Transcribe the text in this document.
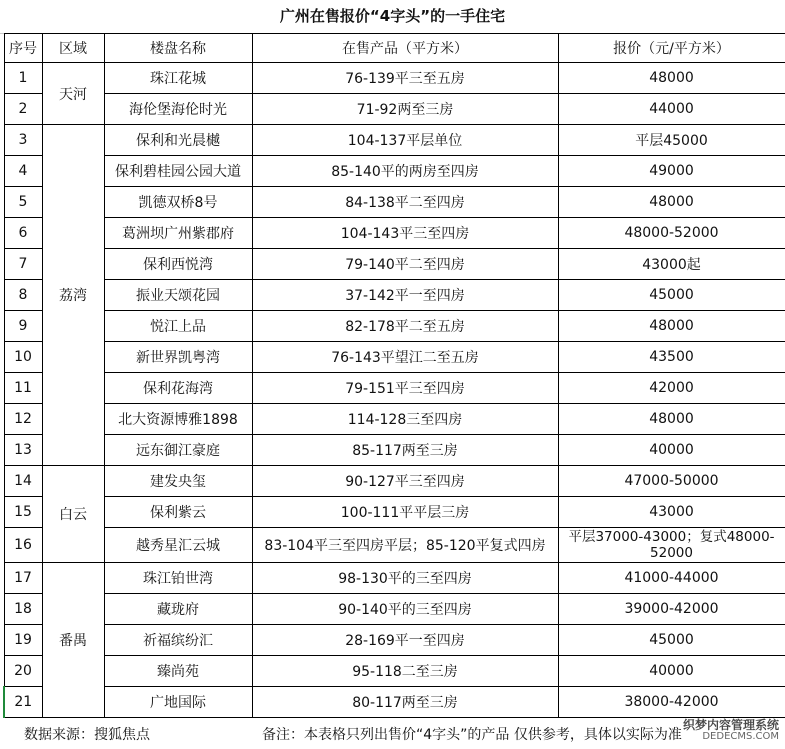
广州在售报价“4字头”的一手住宅
序号	区域	楼盘名称	在售产品（平方米）	报价（元/平方米）
1	天河	珠江花城	76-139平三至五房	48000
2		海伦堡海伦时光	71-92两至三房	44000
3	荔湾	保利和光晨樾	104-137平层单位	平层45000
4		保利碧桂园公园大道	85-140平的两房至四房	49000
5		凯德双桥8号	84-138平二至四房	48000
6		葛洲坝广州紫郡府	104-143平三至四房	48000-52000
7		保利西悦湾	79-140平二至四房	43000起
8		振业天颂花园	37-142平一至四房	45000
9		悦江上品	82-178平二至五房	48000
10		新世界凯粤湾	76-143平望江二至五房	43500
11		保利花海湾	79-151平三至四房	42000
12		北大资源博雅1898	114-128三至四房	48000
13		远东御江豪庭	85-117两至三房	40000
14	白云	建发央玺	90-127平三至四房	47000-50000
15		保利紫云	100-111平平层三房	43000
16		越秀星汇云城	83-104平三至四房平层；85-120平复式四房	平层37000-43000；复式48000-52000
17	番禺	珠江铂世湾	98-130平的三至四房	41000-44000
18		藏珑府	90-140平的三至四房	39000-42000
19		祈福缤纷汇	28-169平一至四房	45000
20		臻尚苑	95-118二至三房	40000
21		广地国际	80-117两至三房	38000-42000
数据来源：搜狐焦点	备注：本表格只列出售价“4字头”的产品 仅供参考，具体以实际为准
织梦内容管理系统
DEDECMS.COM
